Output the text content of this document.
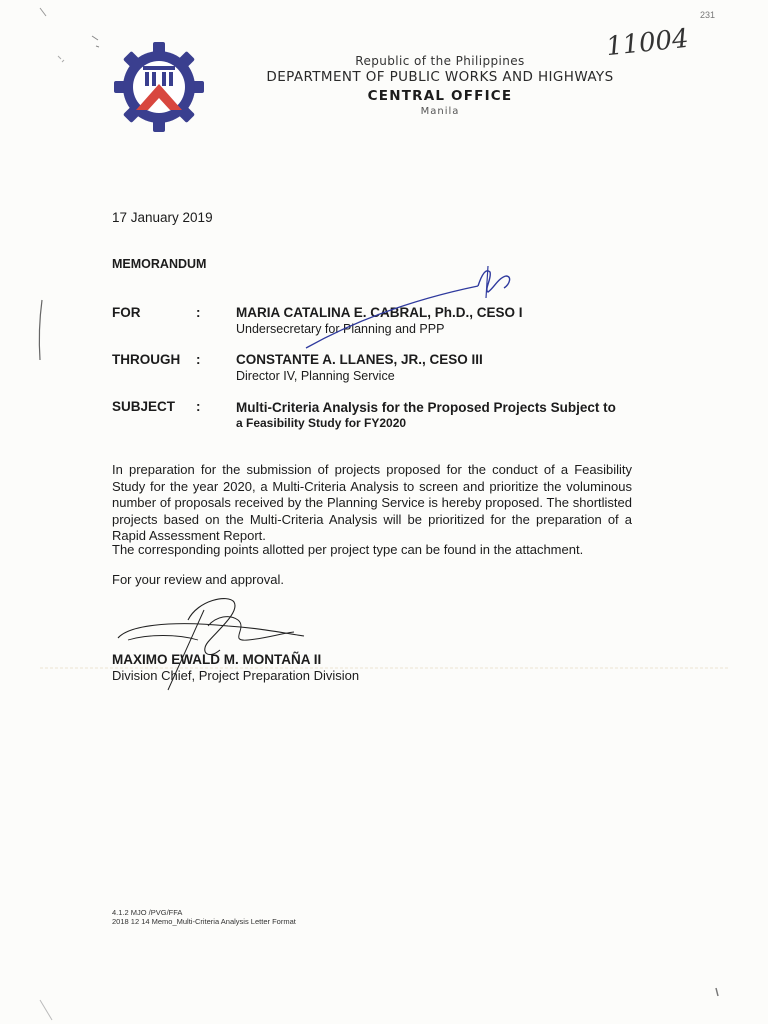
Republic of the Philippines
DEPARTMENT OF PUBLIC WORKS AND HIGHWAYS
CENTRAL OFFICE
Manila
11004
231
17 January 2019
MEMORANDUM
FOR	:	MARIA CATALINA E. CABRAL, Ph.D., CESO I
Undersecretary for Planning and PPP
THROUGH :	CONSTANTE A. LLANES, JR., CESO III
Director IV, Planning Service
SUBJECT :	Multi-Criteria Analysis for the Proposed Projects Subject to
a Feasibility Study for FY2020
In preparation for the submission of projects proposed for the conduct of a Feasibility Study for the year 2020, a Multi-Criteria Analysis to screen and prioritize the voluminous number of proposals received by the Planning Service is hereby proposed. The shortlisted projects based on the Multi-Criteria Analysis will be prioritized for the preparation of a Rapid Assessment Report.
The corresponding points allotted per project type can be found in the attachment.
For your review and approval.
MAXIMO EWALD M. MONTAÑA II
Division Chief, Project Preparation Division
4.1.2 MJO /PVG/FFA
2018 12 14 Memo_Multi-Criteria Analysis Letter Format
